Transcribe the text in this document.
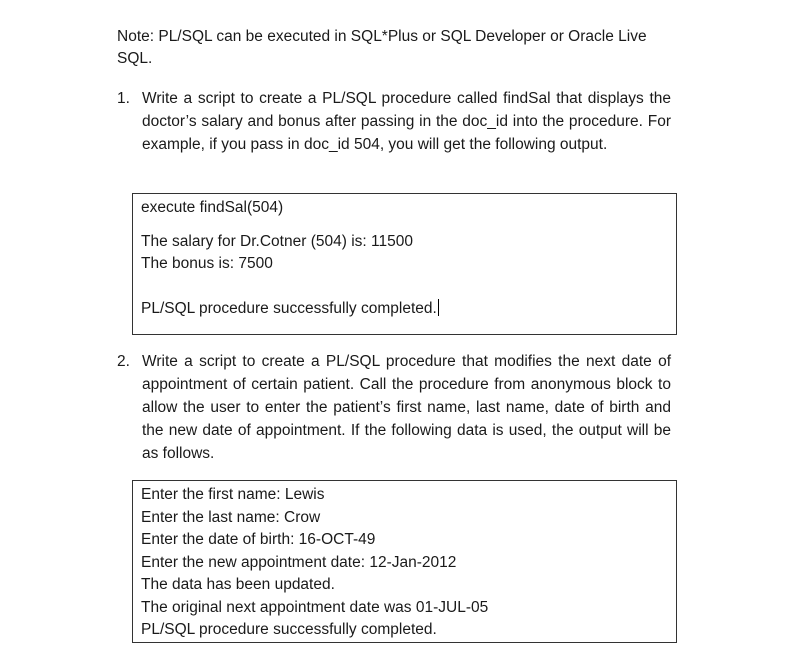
Note: PL/SQL can be executed in SQL*Plus or SQL Developer or Oracle Live SQL.
1. Write a script to create a PL/SQL procedure called findSal that displays the doctor’s salary and bonus after passing in the doc_id into the procedure. For example, if you pass in doc_id 504, you will get the following output.
execute findSal(504)
The salary for Dr.Cotner (504) is: 11500
The bonus is: 7500
PL/SQL procedure successfully completed.
2. Write a script to create a PL/SQL procedure that modifies the next date of appointment of certain patient. Call the procedure from anonymous block to allow the user to enter the patient’s first name, last name, date of birth and the new date of appointment. If the following data is used, the output will be as follows.
Enter the first name: Lewis
Enter the last name: Crow
Enter the date of birth: 16-OCT-49
Enter the new appointment date: 12-Jan-2012
The data has been updated.
The original next appointment date was 01-JUL-05
PL/SQL procedure successfully completed.
